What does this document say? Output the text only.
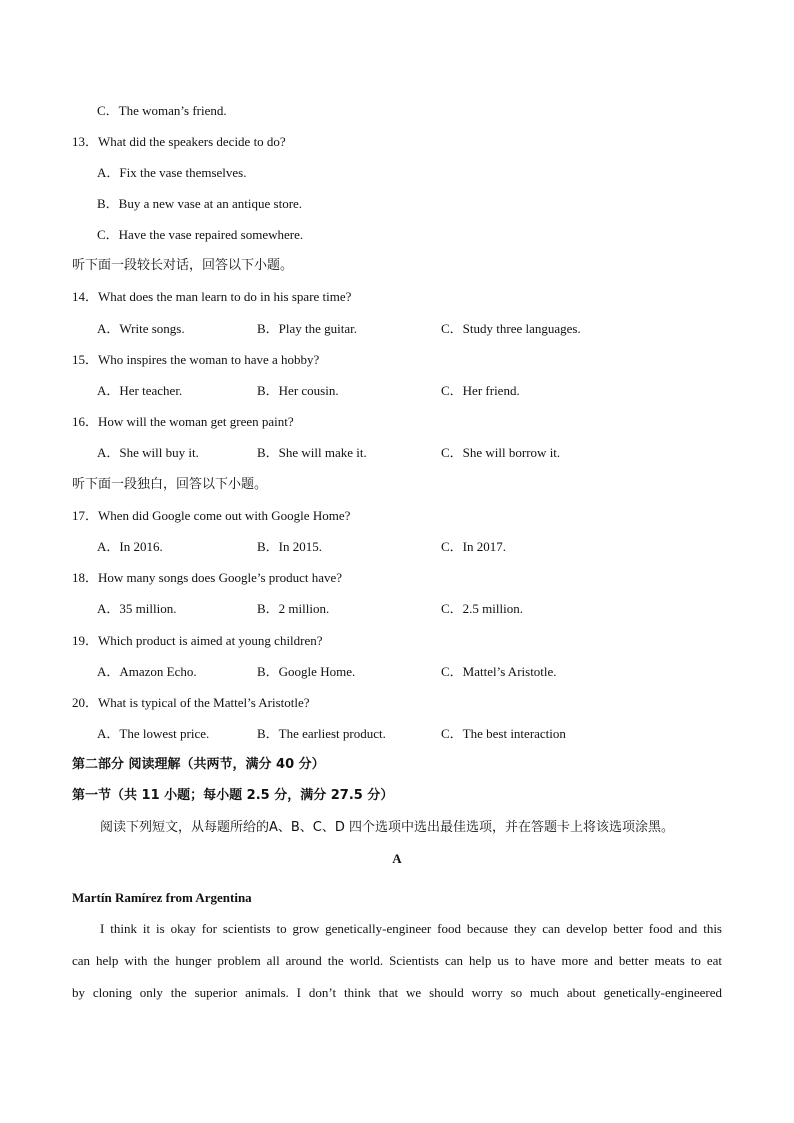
C．The woman’s friend.
13．What did the speakers decide to do?
A．Fix the vase themselves.
B．Buy a new vase at an antique store.
C．Have the vase repaired somewhere.
听下面一段较长对话，回答以下小题。
14．What does the man learn to do in his spare time?
A．Write songs.	B．Play the guitar.	C．Study three languages.
15．Who inspires the woman to have a hobby?
A．Her teacher.	B．Her cousin.	C．Her friend.
16．How will the woman get green paint?
A．She will buy it.	B．She will make it.	C．She will borrow it.
听下面一段独白，回答以下小题。
17．When did Google come out with Google Home?
A．In 2016.	B．In 2015.	C．In 2017.
18．How many songs does Google’s product have?
A．35 million.	B．2 million.	C．2.5 million.
19．Which product is aimed at young children?
A．Amazon Echo.	B．Google Home.	C．Mattel’s Aristotle.
20．What is typical of the Mattel’s Aristotle?
A．The lowest price.	B．The earliest product.	C．The best interaction
第二部分 阅读理解（共两节，满分 40 分）
第一节（共 11 小题；每小题 2.5 分，满分 27.5 分）
阅读下列短文，从每题所给的A、B、C、D 四个选项中选出最佳选项，并在答题卡上将该选项涂黑。
A
Martín Ramírez from Argentina
I think it is okay for scientists to grow genetically-engineer food because they can develop better food and this
can help with the hunger problem all around the world. Scientists can help us to have more and better meats to eat
by cloning only the superior animals. I don’t think that we should worry so much about genetically-engineered
